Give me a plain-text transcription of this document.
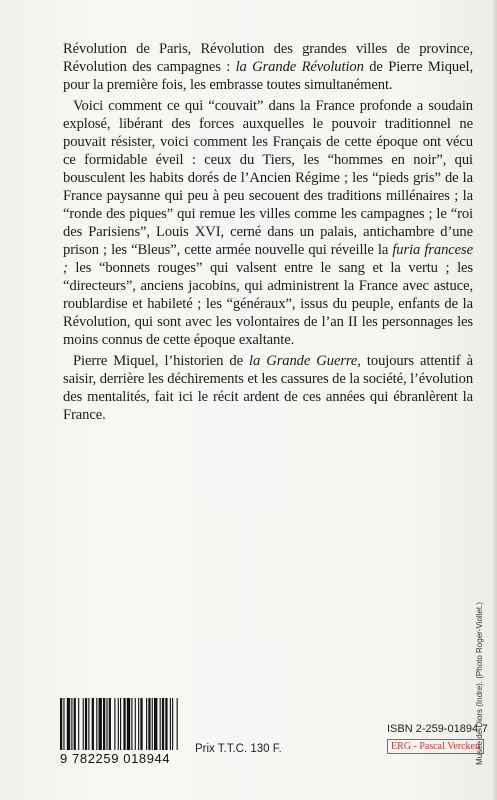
Révolution de Paris, Révolution des grandes villes de province, Révolution des campagnes : la Grande Révolution de Pierre Miquel, pour la première fois, les embrasse toutes simultanément.

Voici comment ce qui “couvait” dans la France profonde a soudain explosé, libérant des forces auxquelles le pouvoir traditionnel ne pouvait résister, voici comment les Français de cette époque ont vécu ce formidable éveil : ceux du Tiers, les “hommes en noir”, qui bousculent les habits dorés de l’Ancien Régime ; les “pieds gris” de la France paysanne qui peu à peu secouent des traditions millénaires ; la “ronde des piques” qui remue les villes comme les campagnes ; le “roi des Parisiens”, Louis XVI, cerné dans un palais, antichambre d’une prison ; les “Bleus”, cette armée nouvelle qui réveille la furia francese ; les “bonnets rouges” qui valsent entre le sang et la vertu ; les “directeurs”, anciens jacobins, qui administrent la France avec astuce, roublardise et habileté ; les “généraux”, issus du peuple, enfants de la Révolution, qui sont avec les volontaires de l’an II les personnages les moins connus de cette époque exaltante.

Pierre Miquel, l’historien de la Grande Guerre, toujours attentif à saisir, derrière les déchirements et les cassures de la société, l’évolution des mentalités, fait ici le récit ardent de ces années qui ébranlèrent la France.

Musée de Diors (Indre). (Photo Roger-Viollet.)
9 782259 018944
Prix T.T.C. 130 F.
ISBN 2-259-01894-7
ERG - Pascal Vercken
